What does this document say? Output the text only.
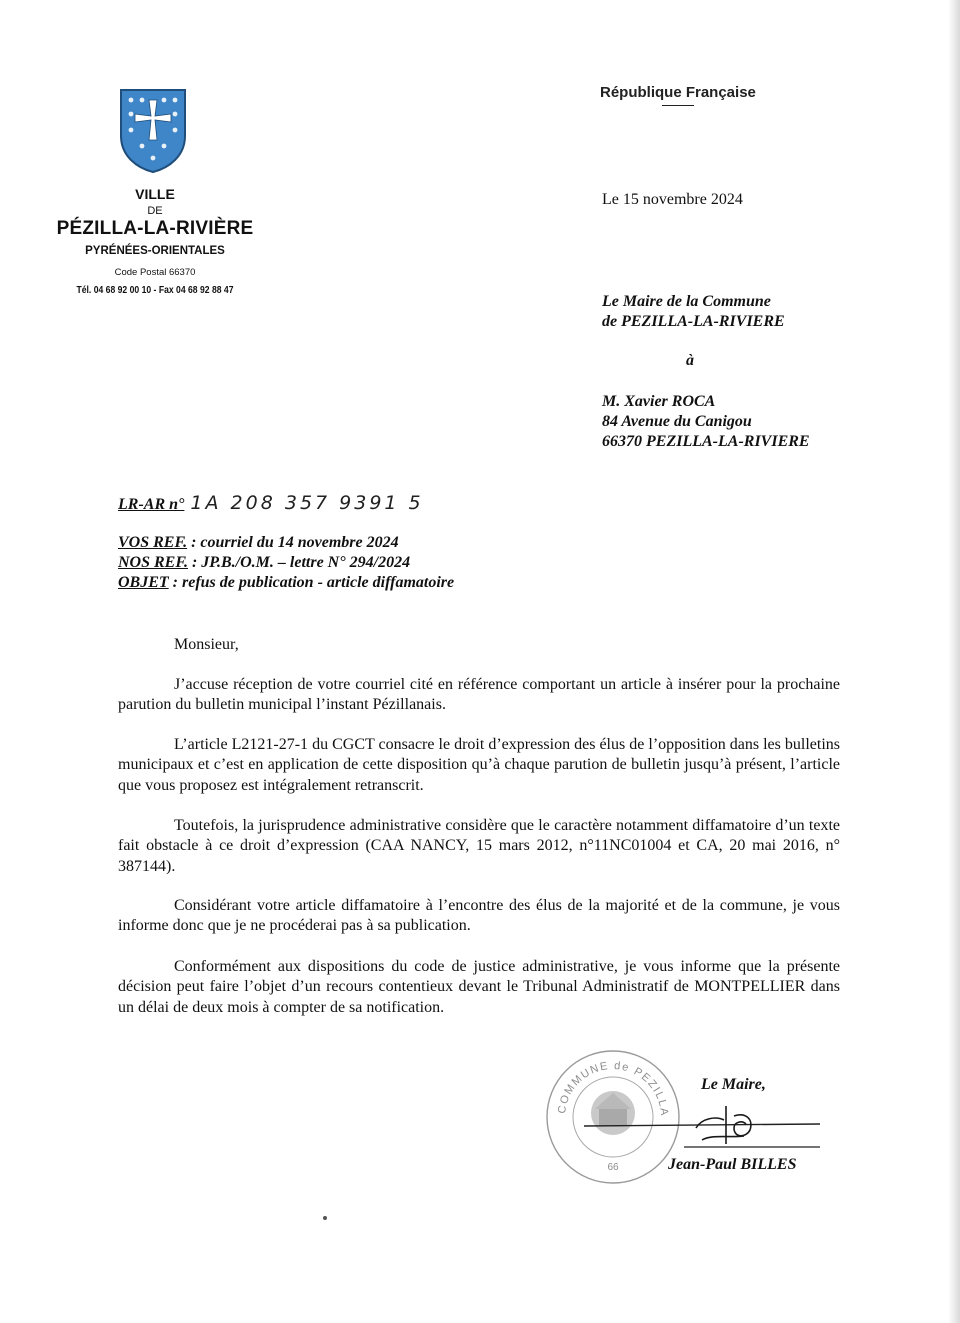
VILLE
DE
PÉZILLA-LA-RIVIÈRE
PYRÉNÉES-ORIENTALES
Code Postal 66370
Tél. 04 68 92 00 10 - Fax 04 68 92 88 47
République Française
Le 15 novembre 2024
Le Maire de la Commune
de PEZILLA-LA-RIVIERE
à
M. Xavier ROCA
84 Avenue du Canigou
66370 PEZILLA-LA-RIVIERE
LR-AR n° 1A 208 357 9391 5
VOS REF. : courriel du 14 novembre 2024
NOS REF. : JP.B./O.M. – lettre N° 294/2024
OBJET : refus de publication - article diffamatoire
Monsieur,
J’accuse réception de votre courriel cité en référence comportant un article à insérer pour la prochaine parution du bulletin municipal l’instant Pézillanais.
L’article L2121-27-1 du CGCT consacre le droit d’expression des élus de l’opposition dans les bulletins municipaux et c’est en application de cette disposition qu’à chaque parution de bulletin jusqu’à présent, l’article que vous proposez est intégralement retranscrit.
Toutefois, la jurisprudence administrative considère que le caractère notamment diffamatoire d’un texte fait obstacle à ce droit d’expression (CAA NANCY, 15 mars 2012, n°11NC01004 et CA, 20 mai 2016, n° 387144).
Considérant votre article diffamatoire à l’encontre des élus de la majorité et de la commune, je vous informe donc que je ne procéderai pas à sa publication.
Conformément aux dispositions du code de justice administrative, je vous informe que la présente décision peut faire l’objet d’un recours contentieux devant le Tribunal Administratif de MONTPELLIER dans un délai de deux mois à compter de sa notification.
COMMUNE de PEZILLA
66
Le Maire,
Jean-Paul BILLES
